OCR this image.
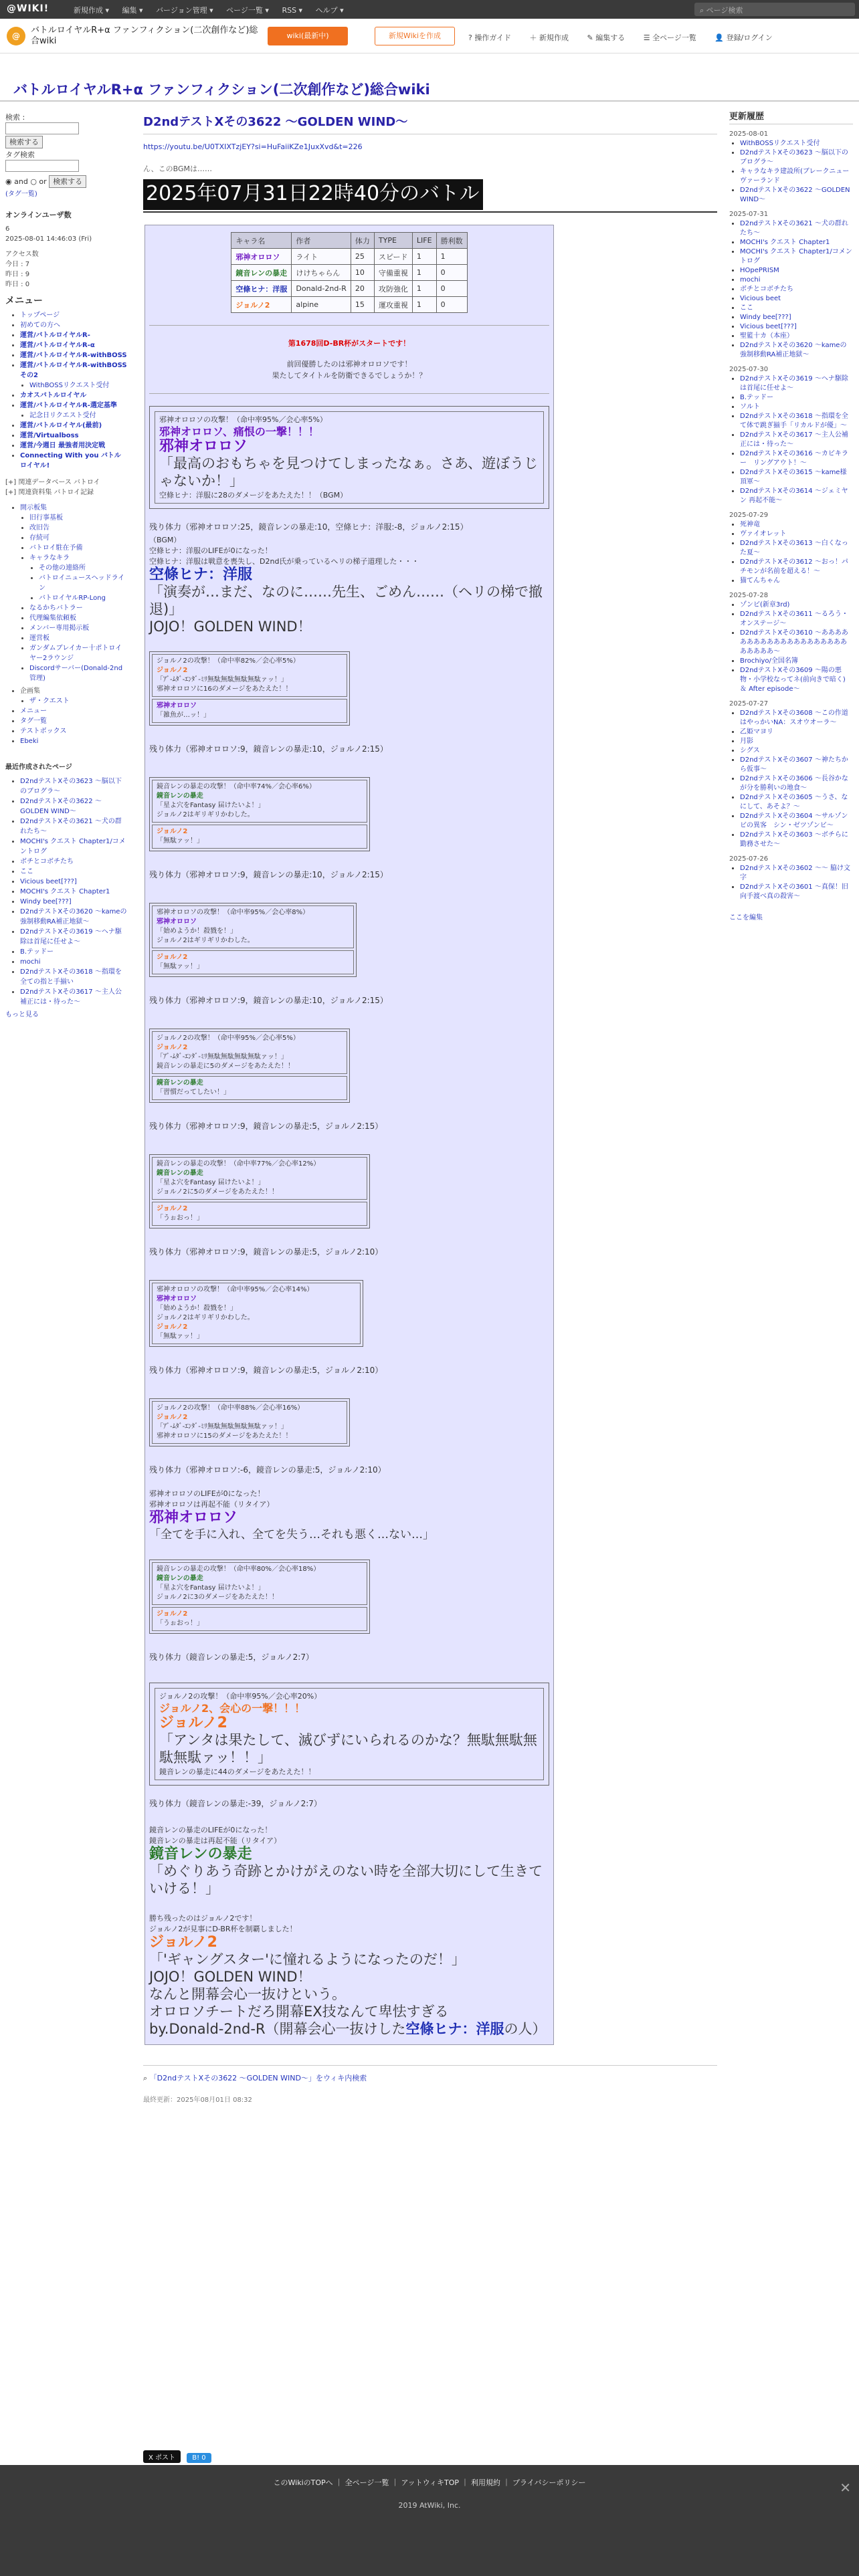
@WIKI!	新規作成 ▾ 編集 ▾ バージョン管理 ▾ ページ一覧 ▾ RSS ▾ ヘルプ ▾	⌕ ページ検索
@
バトルロイヤルR+α ファンフィクション(二次創作など)総合wiki
wiki(最新中)	新規Wikiを作成	? 操作ガイド	＋ 新規作成	✎ 編集する	☰ 全ページ一覧	👤 登録/ログイン
バトルロイヤルR+α ファンフィクション(二次創作など)総合wiki
検索 :
検索する
タグ検索
◉ and ○ or 検索する
(タグ一覧)
オンラインユーザ数
6
2025-08-01 14:46:03 (Fri)
アクセス数
今日 : 7
昨日 : 9
昨日 : 0
メニュー
• トップページ
• 初めての方へ
• 運営/バトルロイヤルR-
• 運営/バトルロイヤルR-α
• 運営/バトルロイヤルR-withBOSS
• 運営/バトルロイヤルR-withBOSSその2
• WithBOSSリクエスト受付
• カオスバトルロイヤル
• 運営/バトルロイヤルR-選定基準
• 記念日リクエスト受付
• 運営/バトルロイヤル(最前)
• 運営/Virtualboss
• 運営/今週日 最強者用決定戦
• Connecting With you バトルロイヤル!
[+] 関連データベース バトロイ
[+] 関連資料集 バトロイ記録
• 開示板集
• 旧行事基板
• 改旧告
• 存続可
• バトロイ駐在予備
• キャラなキラ
• その他の連絡所
• バトロイニュースヘッドライン
• バトロイヤルRP-Long
• なるかちバトラー
• 代理編集依頼板
• メンバー専用掲示板
• 運営板
• ガンダムブレイカー十ポトロイヤー2ラウンジ
• Discordサーバー(Donald-2nd管理)
• 企画集
• ザ・クエスト
• メニュー
• タグ一覧
• テストボックス
• Ebeki
最近作成されたページ
• D2ndテストXその3623 〜脳以下のブログラ〜
• D2ndテストXその3622 〜GOLDEN WIND〜
• D2ndテストXその3621 〜犬の群れたち〜
• MOCHI's クエスト Chapter1/コメントログ
• ボチとコボチたち
• ここ
• Vicious beet[???]
• MOCHI's クエスト Chapter1
• Windy bee[???]
• D2ndテストXその3620 〜kameの強制移動RA補正地獄〜
• D2ndテストXその3619 〜ヘナ駆除は首尾に任せよ〜
• B.テッドー
• mochi
• D2ndテストXその3618 〜指環を全ての指と手揃い
• D2ndテストXその3617 〜主人公補正には・待った〜
もっと見る
D2ndテストXその3622 〜GOLDEN WIND〜
https://youtu.be/U0TXIXTzjEY?si=HuFaiiKZe1JuxXvd&t=226
ん、このBGMは……
2025年07月31日22時40分のバトル
キャラ名	作者	体力	TYPE	LIFE	勝利数
邪神オロロソ	ライト	25	スピード	1	1
鏡音レンの暴走	けけちゃらん	10	守備重視	1	0
空條ヒナ：洋服	Donald-2nd-R	20	攻防強化	1	0
ジョルノ2	alpine	15	運攻重視	1	0
第1678回D-BR杯がスタートです！
前回優勝したのは邪神オロロソです！
果たしてタイトルを防衛できるでしょうか！？
邪神オロロソの攻撃！（命中率95%／会心率5%）
邪神オロロソ、痛恨の一撃！！！
邪神オロロソ
「最高のおもちゃを見つけてしまったなぁ。さあ、遊ぼうじゃないか！」
空條ヒナ：洋服に28のダメージをあたえた！！（BGM）
残り体力（邪神オロロソ:25，鏡音レンの暴走:10，空條ヒナ：洋服:-8，ジョルノ2:15）
（BGM）
空條ヒナ：洋服のLIFEが0になった！
空條ヒナ：洋服は戦意を喪失し、D2nd氏が乗っているヘリの梯子道理した・・・
空條ヒナ：洋服
「演奏が…まだ、なのに……先生、ごめん……（ヘリの梯で撤退)」
JOJO！GOLDEN WIND！
ジョルノ2の攻撃！（命中率82%／会心率5%）
ジョルノ2
「ｱﾞ-ﾑﾀﾞ-ｴﾝﾀﾞ-ﾐﾘ無駄無駄無駄無駄ァッ！」
邪神オロロソに16のダメージをあたえた！！
邪神オロロソ
「雑魚が…ッ！」
残り体力（邪神オロロソ:9，鏡音レンの暴走:10，ジョルノ2:15）
鏡音レンの暴走の攻撃！（命中率74%／会心率6%）
鏡音レンの暴走
「星よ穴をFantasy 届けたいよ！」
ジョルノ2はギリギリかわした。
ジョルノ2
「無駄ァッ！」
残り体力（邪神オロロソ:9，鏡音レンの暴走:10，ジョルノ2:15）
邪神オロロソの攻撃！（命中率95%／会心率8%）
邪神オロロソ
「始めようか！殺戮を！」
ジョルノ2はギリギリかわした。
ジョルノ2
「無駄ァッ！」
残り体力（邪神オロロソ:9，鏡音レンの暴走:10，ジョルノ2:15）
ジョルノ2の攻撃！（命中率95%／会心率5%）
ジョルノ2
「ｱﾞ-ﾑﾀﾞ-ｴﾝﾀﾞ-ﾐﾘ無駄無駄無駄無駄ァッ！」
鏡音レンの暴走に5のダメージをあたえた！！
鏡音レンの暴走
「習慣だってしたい！」
残り体力（邪神オロロソ:9，鏡音レンの暴走:5，ジョルノ2:15）
鏡音レンの暴走の攻撃！（命中率77%／会心率12%）
鏡音レンの暴走
「星よ穴をFantasy 届けたいよ！」
ジョルノ2に5のダメージをあたえた！！
ジョルノ2
「うぉおっ！」
残り体力（邪神オロロソ:9，鏡音レンの暴走:5，ジョルノ2:10）
邪神オロロソの攻撃！（命中率95%／会心率14%）
邪神オロロソ
「始めようか！殺戮を！」
ジョルノ2はギリギリかわした。
ジョルノ2
「無駄ァッ！」
残り体力（邪神オロロソ:9，鏡音レンの暴走:5，ジョルノ2:10）
ジョルノ2の攻撃！（命中率88%／会心率16%）
ジョルノ2
「ｱﾞ-ﾑﾀﾞ-ｴﾝﾀﾞ-ﾐﾘ無駄無駄無駄無駄ァッ！」
邪神オロロソに15のダメージをあたえた！！
残り体力（邪神オロロソ:-6，鏡音レンの暴走:5，ジョルノ2:10）
邪神オロロソのLIFEが0になった！
邪神オロロソは再起不能（リタイア）
邪神オロロソ
「全てを手に入れ、全てを失う…それも悪く…ない…」
鏡音レンの暴走の攻撃！（命中率80%／会心率18%）
鏡音レンの暴走
「星よ穴をFantasy 届けたいよ！」
ジョルノ2に3のダメージをあたえた！！
ジョルノ2
「うぉおっ！」
残り体力（鏡音レンの暴走:5，ジョルノ2:7）
ジョルノ2の攻撃！（命中率95%／会心率20%）
ジョルノ2、会心の一撃！！！
ジョルノ2
「アンタは果たして、滅びずにいられるのかな？無駄無駄無駄無駄ァッ！！」
鏡音レンの暴走に44のダメージをあたえた！！
残り体力（鏡音レンの暴走:-39，ジョルノ2:7）
鏡音レンの暴走のLIFEが0になった！
鏡音レンの暴走は再起不能（リタイア）
鏡音レンの暴走
「めぐりあう奇跡とかけがえのない時を全部大切にして生きていける！」
勝ち残ったのはジョルノ2です！
ジョルノ2が見事にD-BR杯を制覇しました！
ジョルノ2
「'ギャングスター'に憧れるようになったのだ！」
JOJO！GOLDEN WIND！
なんと開幕会心一抜けという。
オロロソチートだろ開幕EX技なんて卑怯すぎる
by.Donald-2nd-R（開幕会心一抜けした空條ヒナ：洋服の人）
⌕ 「D2ndテストXその3622 〜GOLDEN WIND〜」をウィキ内検索
最終更新：2025年08月01日 08:32
X ポスト	B! 0
更新履歴
2025-08-01
• WithBOSSリクエスト受付
• D2ndテストXその3623 〜脳以下のブログラ〜
• キャラなキラ建設所(ブレークニューヴァーランド
• D2ndテストXその3622 〜GOLDEN WIND〜
2025-07-31
• D2ndテストXその3621 〜犬の群れたち〜
• MOCHI's クエスト Chapter1
• MOCHI's クエスト Chapter1/コメントログ
• HOpePRISM
• mochi
• ボチとコボチたち
• Vicious beet
• ここ
• Windy bee[???]
• Vicious beet[???]
• 聖籃十カ（本座）
• D2ndテストXその3620 〜kameの強制移動RA補正地獄〜
2025-07-30
• D2ndテストXその3619 〜ヘナ駆除は首尾に任せよ〜
• B.テッドー
• ソルト
• D2ndテストXその3618 〜指環を全て体で跳ぎ揃手「リカルドが優」〜
• D2ndテストXその3617 〜主人公補正には・待った〜
• D2ndテストXその3616 〜カビキラー　リングアウト！〜
• D2ndテストXその3615 〜kame様頂軍〜
• D2ndテストXその3614 〜ジェミヤン 再起不能〜
2025-07-29
• 死神竜
• ヴァイオレット
• D2ndテストXその3613 〜白くなった夏〜
• D2ndテストXその3612 〜おっ！パチモンが名前を超える！〜
• 猫てんちゃん
2025-07-28
• ゾンビ(新章3rd)
• D2ndテストXその3611 〜るろう・オンステージ〜
• D2ndテストXその3610 〜あああああああああああああああああああああああああ〜
• Brochiyo/全国名簿
• D2ndテストXその3609 〜陽の悪物・小学校なってネ(前向きで暗く) ＆ After episode〜
2025-07-27
• D2ndテストXその3608 〜この作道はやっかいNA：スオウオーラ〜
• 乙姫マヨリ
• 月影
• シグス
• D2ndテストXその3607 〜神たちから仮事〜
• D2ndテストXその3606 〜長谷かなが分を勝利いの地食〜
• D2ndテストXその3605 〜うさ、なにして、あそよ？〜
• D2ndテストXその3604 〜サルゾンビの異客　シン・ゼツゾンビ〜
• D2ndテストXその3603 〜ボチらに勤務させた〜
2025-07-26
• D2ndテストXその3602 〜〜 脇け文字
• D2ndテストXその3601 〜真保！旧向手渡べ真の殺害〜
ここを編集
このWikiのTOPへ ｜ 全ページ一覧 ｜ アットウィキTOP ｜ 利用規約 ｜ プライバシーポリシー
2019 AtWiki, Inc.
✕
